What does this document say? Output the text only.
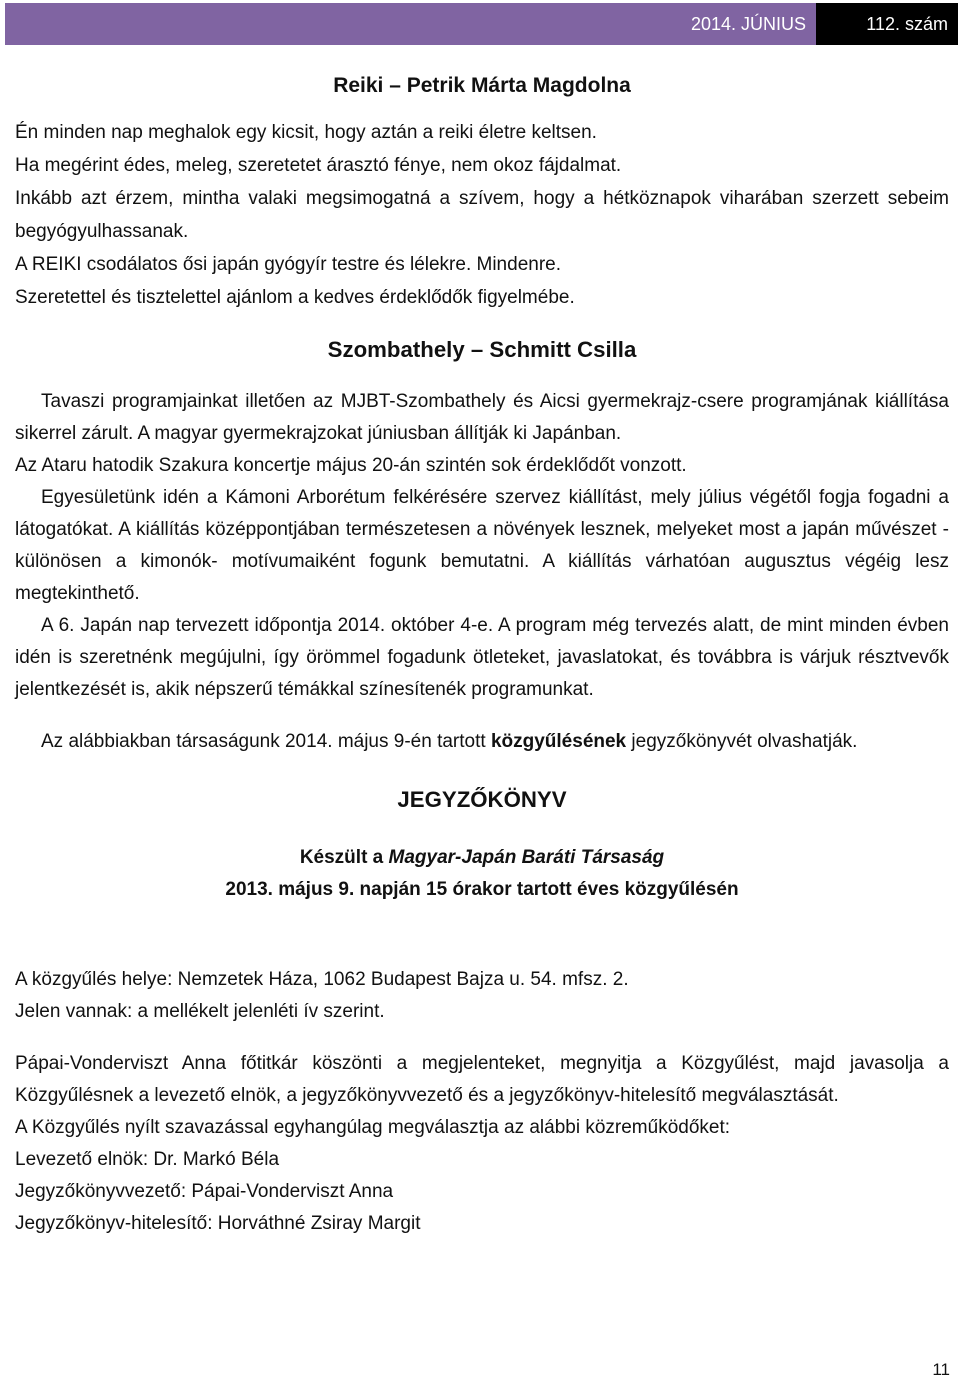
2014. JÚNIUS	112. szám
Reiki – Petrik Márta Magdolna

Én minden nap meghalok egy kicsit, hogy aztán a reiki életre keltsen.

Ha megérint édes, meleg, szeretetet árasztó fénye, nem okoz fájdalmat.

Inkább azt érzem, mintha valaki megsimogatná a szívem, hogy a hétköznapok viharában szerzett sebeim begyógyulhassanak.

A REIKI csodálatos ősi japán gyógyír testre és lélekre. Mindenre.

Szeretettel és tisztelettel ajánlom a kedves érdeklődők figyelmébe.

Szombathely – Schmitt Csilla

Tavaszi programjainkat illetően az MJBT-Szombathely és Aicsi gyermekrajz-csere programjának kiállítása sikerrel zárult. A magyar gyermekrajzokat júniusban állítják ki Japánban.

Az Ataru hatodik Szakura koncertje május 20-án szintén sok érdeklődőt vonzott.

Egyesületünk idén a Kámoni Arborétum felkérésére szervez kiállítást, mely július végétől fogja fogadni a látogatókat. A kiállítás középpontjában természetesen a növények lesznek, melyeket most a japán művészet - különösen a kimonók- motívumaiként fogunk bemutatni. A kiállítás várhatóan augusztus végéig lesz megtekinthető.

A 6. Japán nap tervezett időpontja 2014. október 4-e. A program még tervezés alatt, de mint minden évben idén is szeretnénk megújulni, így örömmel fogadunk ötleteket, javaslatokat, és továbbra is várjuk résztvevők jelentkezését is, akik népszerű témákkal színesítenék programunkat.

Az alábbiakban társaságunk 2014. május 9-én tartott közgyűlésének jegyzőkönyvét olvashatják.

JEGYZŐKÖNYV
Készült a Magyar-Japán Baráti Társaság
2013. május 9. napján 15 órakor tartott éves közgyűlésén

A közgyűlés helye: Nemzetek Háza, 1062 Budapest Bajza u. 54. mfsz. 2.

Jelen vannak: a mellékelt jelenléti ív szerint.

Pápai-Vonderviszt Anna főtitkár köszönti a megjelenteket, megnyitja a Közgyűlést, majd javasolja a Közgyűlésnek a levezető elnök, a jegyzőkönyvvezető és a jegyzőkönyv-hitelesítő megválasztását.

A Közgyűlés nyílt szavazással egyhangúlag megválasztja az alábbi közreműködőket:

Levezető elnök: Dr. Markó Béla

Jegyzőkönyvvezető: Pápai-Vonderviszt Anna

Jegyzőkönyv-hitelesítő: Horváthné Zsiray Margit

11
